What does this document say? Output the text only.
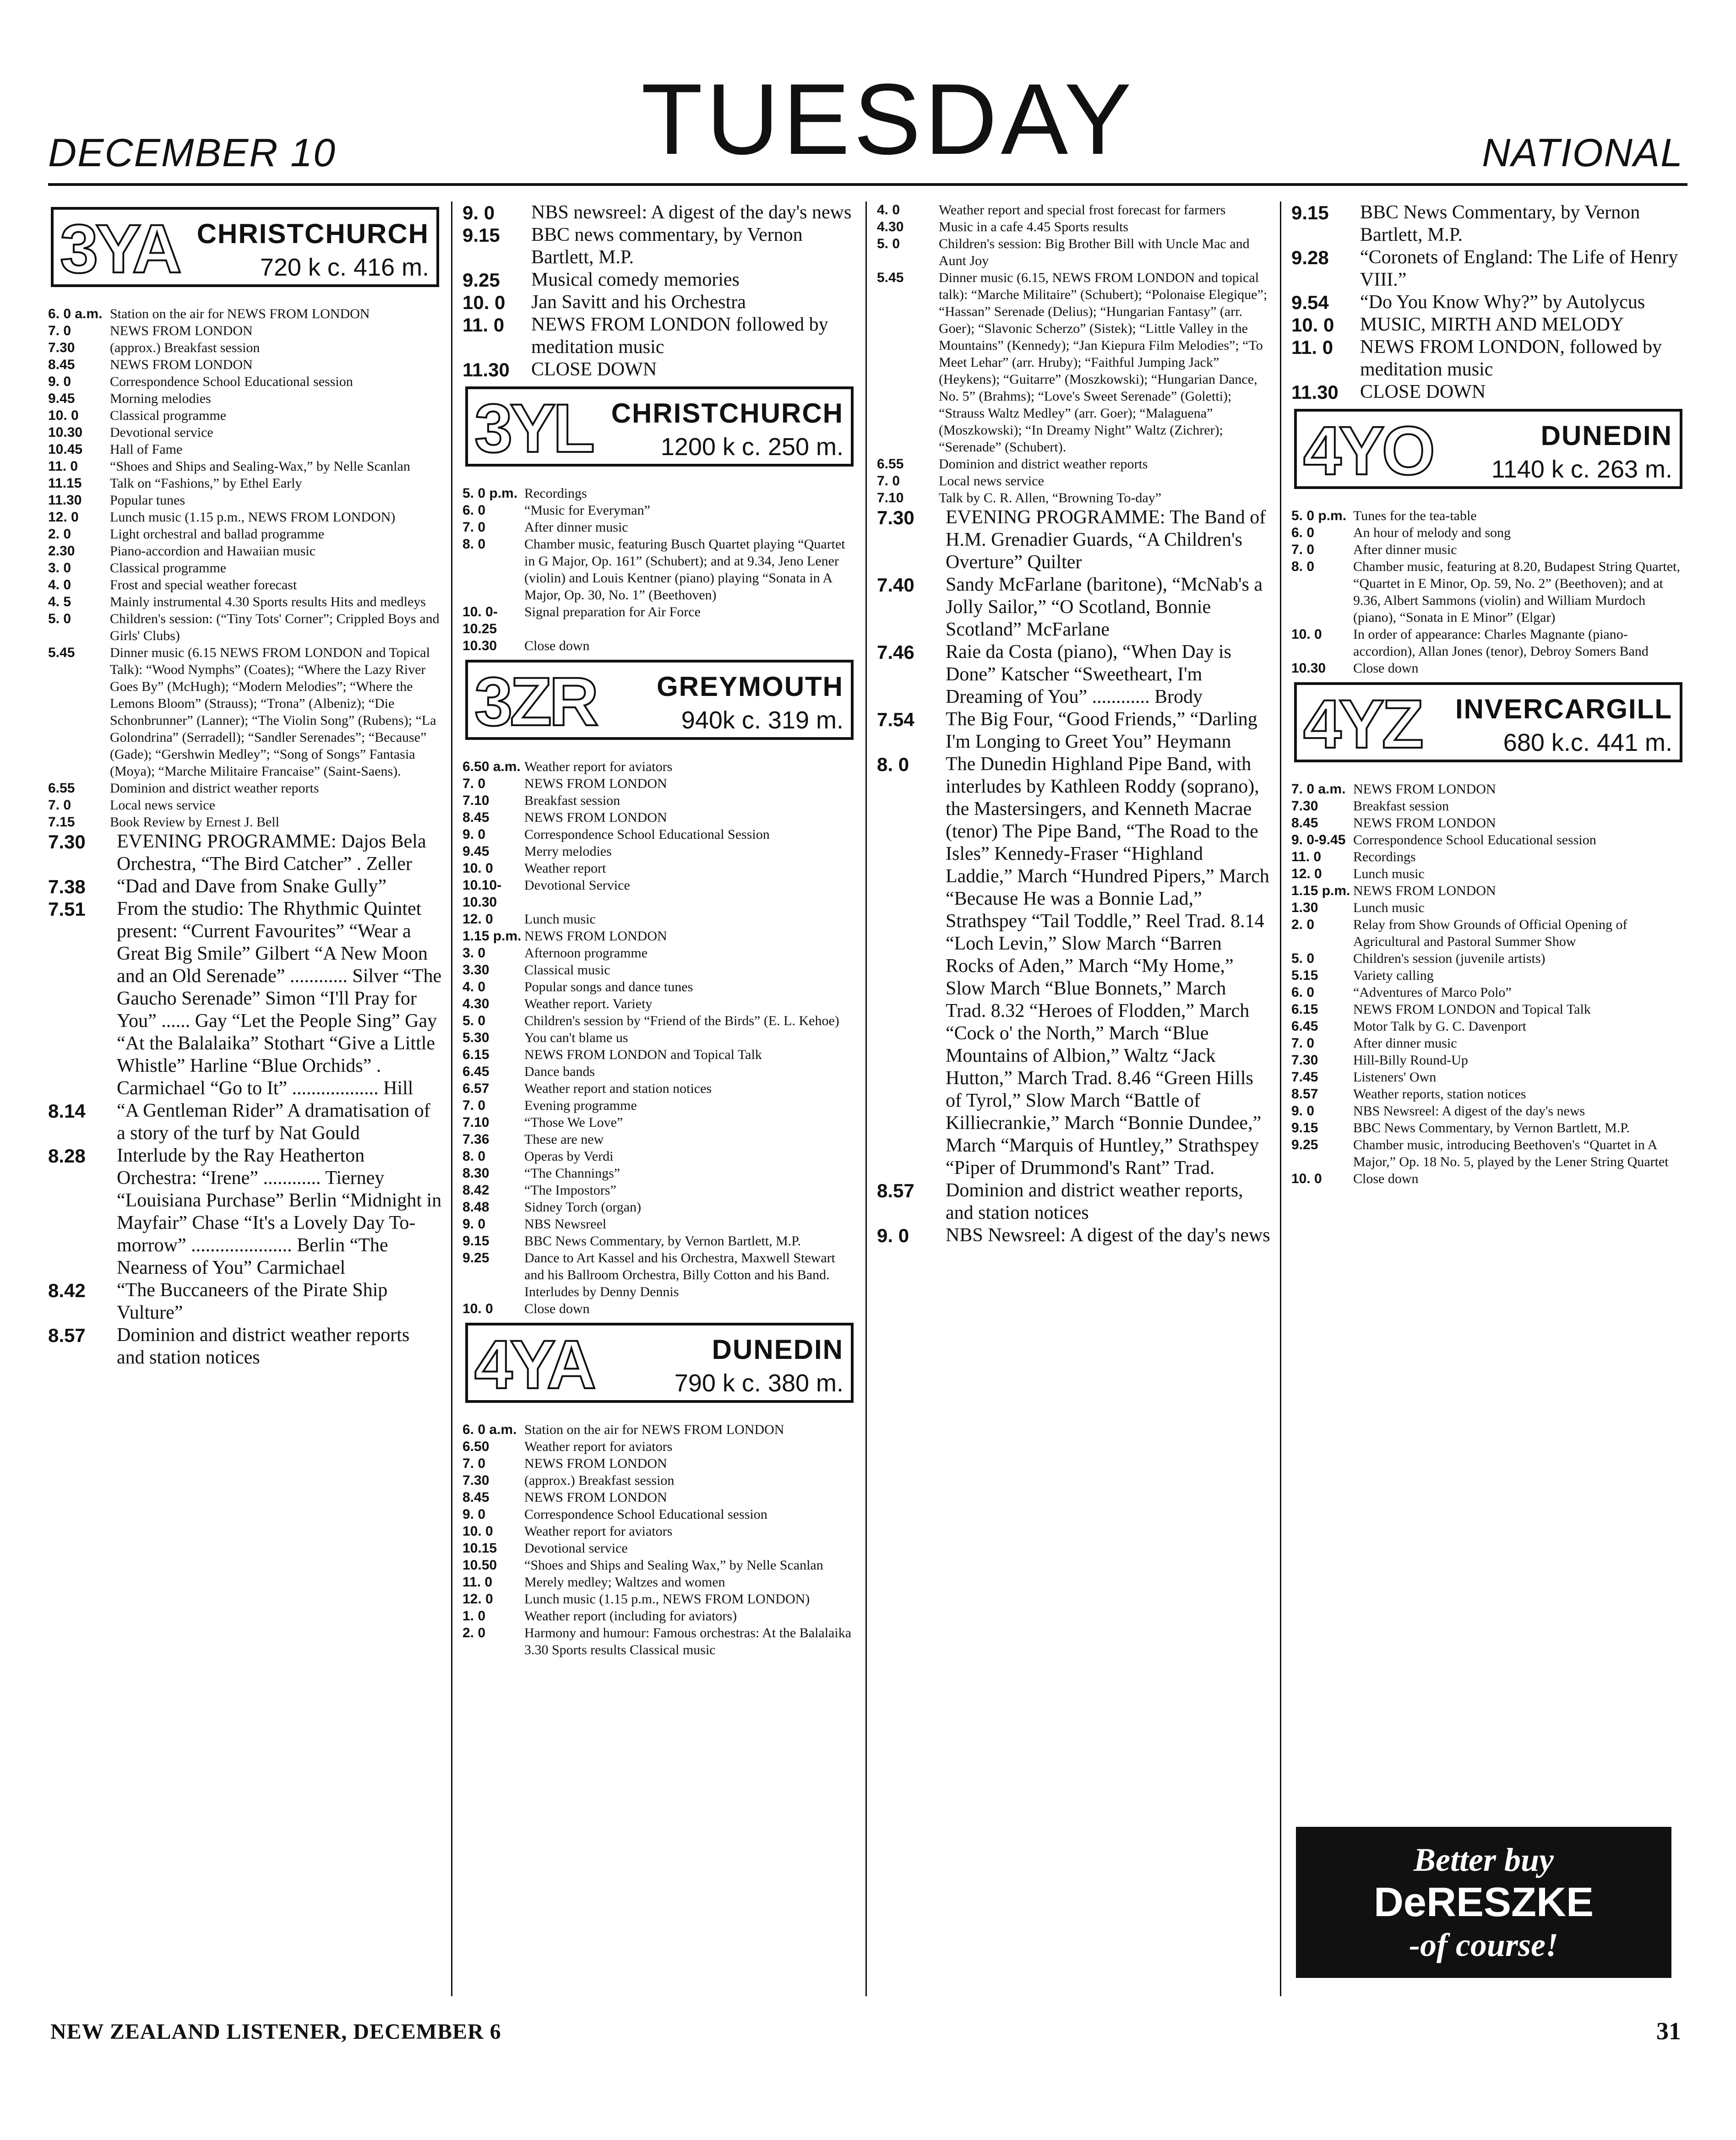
DECEMBER 10	TUESDAY	NATIONAL
3YA CHRISTCHURCH
720 k c. 416 m.
6. 0 a.m. Station on the air for NEWS FROM LONDON
7. 0	NEWS FROM LONDON
7.30	(approx.) Breakfast session
8.45	NEWS FROM LONDON
9. 0	Correspondence School Educational session
9.45	Morning melodies
10. 0	Classical programme
10.30	Devotional service
10.45	Hall of Fame
11. 0	“Shoes and Ships and Sealing-Wax,” by Nelle Scanlan
11.15	Talk on “Fashions,” by Ethel Early
11.30	Popular tunes
12. 0	Lunch music (1.15 p.m., NEWS FROM LONDON)
2. 0	Light orchestral and ballad programme
2.30	Piano-accordion and Hawaiian music
3. 0	Classical programme
4. 0	Frost and special weather forecast
4. 5	Mainly instrumental 4.30 Sports results Hits and medleys
5. 0	Children's session: (“Tiny Tots' Corner”; Crippled Boys and Girls' Clubs)
5.45	Dinner music (6.15 NEWS FROM LONDON and Topical Talk): “Wood Nymphs” (Coates); “Where the Lazy River Goes By” (McHugh); “Modern Melodies”; “Where the Lemons Bloom” (Strauss); “Trona” (Albeniz); “Die Schonbrunner” (Lanner); “The Violin Song” (Rubens); “La Golondrina” (Serradell); “Sandler Serenades”; “Because” (Gade); “Gershwin Medley”; “Song of Songs” Fantasia (Moya); “Marche Militaire Francaise” (Saint-Saens).
6.55	Dominion and district weather reports
7. 0	Local news service
7.15	Book Review by Ernest J. Bell
7.30	EVENING PROGRAMME: Dajos Bela Orchestra, “The Bird Catcher” . Zeller
7.38	“Dad and Dave from Snake Gully”
7.51	From the studio: The Rhythmic Quintet present: “Current Favourites” “Wear a Great Big Smile” Gilbert “A New Moon and an Old Serenade” ............ Silver “The Gaucho Serenade” Simon “I'll Pray for You” ...... Gay “Let the People Sing” Gay “At the Balalaika” Stothart “Give a Little Whistle” Harline “Blue Orchids” . Carmichael “Go to It” .................. Hill
8.14	“A Gentleman Rider” A dramatisation of a story of the turf by Nat Gould
8.28	Interlude by the Ray Heatherton Orchestra: “Irene” ............ Tierney “Louisiana Purchase” Berlin “Midnight in Mayfair” Chase “It's a Lovely Day To-morrow” ..................... Berlin “The Nearness of You” Carmichael
8.42	“The Buccaneers of the Pirate Ship Vulture”
8.57	Dominion and district weather reports and station notices
9. 0	NBS newsreel: A digest of the day's news
9.15	BBC news commentary, by Vernon Bartlett, M.P.
9.25	Musical comedy memories
10. 0	Jan Savitt and his Orchestra
11. 0	NEWS FROM LONDON followed by meditation music
11.30	CLOSE DOWN
3YL CHRISTCHURCH
1200 k c. 250 m.
5. 0 p.m. Recordings
6. 0	“Music for Everyman”
7. 0	After dinner music
8. 0	Chamber music, featuring Busch Quartet playing “Quartet in G Major, Op. 161” (Schubert); and at 9.34, Jeno Lener (violin) and Louis Kentner (piano) playing “Sonata in A Major, Op. 30, No. 1” (Beethoven)
10. 0-10.25
Signal preparation for Air Force
10.30	Close down
3ZR GREYMOUTH
940k c. 319 m.
6.50 a.m. Weather report for aviators
7. 0	NEWS FROM LONDON
7.10	Breakfast session
8.45	NEWS FROM LONDON
9. 0	Correspondence School Educational Session
9.45	Merry melodies
10. 0	Weather report
10.10-10.30
Devotional Service
12. 0	Lunch music
1.15 p.m. NEWS FROM LONDON
3. 0	Afternoon programme
3.30	Classical music
4. 0	Popular songs and dance tunes
4.30	Weather report. Variety
5. 0	Children's session by “Friend of the Birds” (E. L. Kehoe)
5.30	You can't blame us
6.15	NEWS FROM LONDON and Topical Talk
6.45	Dance bands
6.57	Weather report and station notices
7. 0	Evening programme
7.10	“Those We Love”
7.36	These are new
8. 0	Operas by Verdi
8.30	“The Channings”
8.42	“The Impostors”
8.48	Sidney Torch (organ)
9. 0	NBS Newsreel
9.15	BBC News Commentary, by Vernon Bartlett, M.P.
9.25	Dance to Art Kassel and his Orchestra, Maxwell Stewart and his Ballroom Orchestra, Billy Cotton and his Band. Interludes by Denny Dennis
10. 0	Close down
4YA	DUNEDIN
790 k c. 380 m.
6. 0 a.m. Station on the air for NEWS FROM LONDON
6.50	Weather report for aviators
7. 0	NEWS FROM LONDON
7.30	(approx.) Breakfast session
8.45	NEWS FROM LONDON
9. 0	Correspondence School Educational session
10. 0	Weather report for aviators
10.15	Devotional service
10.50	“Shoes and Ships and Sealing Wax,” by Nelle Scanlan
11. 0	Merely medley; Waltzes and women
12. 0	Lunch music (1.15 p.m., NEWS FROM LONDON)
1. 0	Weather report (including for aviators)
2. 0	Harmony and humour: Famous orchestras: At the Balalaika 3.30 Sports results Classical music
4. 0	Weather report and special frost forecast for farmers
4.30	Music in a cafe 4.45 Sports results
5. 0	Children's session: Big Brother Bill with Uncle Mac and Aunt Joy
5.45	Dinner music (6.15, NEWS FROM LONDON and topical talk): “Marche Militaire” (Schubert); “Polonaise Elegique”; “Hassan” Serenade (Delius); “Hungarian Fantasy” (arr. Goer); “Slavonic Scherzo” (Sistek); “Little Valley in the Mountains” (Kennedy); “Jan Kiepura Film Melodies”; “To Meet Lehar” (arr. Hruby); “Faithful Jumping Jack” (Heykens); “Guitarre” (Moszkowski); “Hungarian Dance, No. 5” (Brahms); “Love's Sweet Serenade” (Goletti); “Strauss Waltz Medley” (arr. Goer); “Malaguena” (Moszkowski); “In Dreamy Night” Waltz (Zichrer); “Serenade” (Schubert).
6.55	Dominion and district weather reports
7. 0	Local news service
7.10	Talk by C. R. Allen, “Browning To-day”
7.30	EVENING PROGRAMME: The Band of H.M. Grenadier Guards, “A Children's Overture” Quilter
7.40	Sandy McFarlane (baritone), “McNab's a Jolly Sailor,” “O Scotland, Bonnie Scotland” McFarlane
7.46	Raie da Costa (piano), “When Day is Done” Katscher “Sweetheart, I'm Dreaming of You” ............ Brody
7.54	The Big Four, “Good Friends,” “Darling I'm Longing to Greet You” Heymann
8. 0	The Dunedin Highland Pipe Band, with interludes by Kathleen Roddy (soprano), the Mastersingers, and Kenneth Macrae (tenor) The Pipe Band, “The Road to the Isles” Kennedy-Fraser “Highland Laddie,” March “Hundred Pipers,” March “Because He was a Bonnie Lad,” Strathspey “Tail Toddle,” Reel Trad. 8.14 “Loch Levin,” Slow March “Barren Rocks of Aden,” March “My Home,” Slow March “Blue Bonnets,” March Trad. 8.32 “Heroes of Flodden,” March “Cock o' the North,” March “Blue Mountains of Albion,” Waltz “Jack Hutton,” March Trad. 8.46 “Green Hills of Tyrol,” Slow March “Battle of Killiecrankie,” March “Bonnie Dundee,” March “Marquis of Huntley,” Strathspey “Piper of Drummond's Rant” Trad.
8.57	Dominion and district weather reports, and station notices
9. 0	NBS Newsreel: A digest of the day's news
9.15	BBC News Commentary, by Vernon Bartlett, M.P.
9.28	“Coronets of England: The Life of Henry VIII.”
9.54	“Do You Know Why?” by Autolycus
10. 0	MUSIC, MIRTH AND MELODY
11. 0	NEWS FROM LONDON, followed by meditation music
11.30	CLOSE DOWN
4YO	DUNEDIN
1140 k c. 263 m.
5. 0 p.m. Tunes for the tea-table
6. 0	An hour of melody and song
7. 0	After dinner music
8. 0	Chamber music, featuring at 8.20, Budapest String Quartet, “Quartet in E Minor, Op. 59, No. 2” (Beethoven); and at 9.36, Albert Sammons (violin) and William Murdoch (piano), “Sonata in E Minor” (Elgar)
10. 0	In order of appearance: Charles Magnante (piano-accordion), Allan Jones (tenor), Debroy Somers Band
10.30	Close down
4YZ INVERCARGILL
680 k.c. 441 m.
7. 0 a.m. NEWS FROM LONDON
7.30	Breakfast session
8.45	NEWS FROM LONDON
9. 0-9.45 Correspondence School Educational session
11. 0	Recordings
12. 0	Lunch music
1.15 p.m. NEWS FROM LONDON
1.30	Lunch music
2. 0	Relay from Show Grounds of Official Opening of Agricultural and Pastoral Summer Show
5. 0	Children's session (juvenile artists)
5.15	Variety calling
6. 0	“Adventures of Marco Polo”
6.15	NEWS FROM LONDON and Topical Talk
6.45	Motor Talk by G. C. Davenport
7. 0	After dinner music
7.30	Hill-Billy Round-Up
7.45	Listeners' Own
8.57	Weather reports, station notices
9. 0	NBS Newsreel: A digest of the day's news
9.15	BBC News Commentary, by Vernon Bartlett, M.P.
9.25	Chamber music, introducing Beethoven's “Quartet in A Major,” Op. 18 No. 5, played by the Lener String Quartet
10. 0	Close down
Better buy
DeRESZKE
-of course!
NEW ZEALAND LISTENER, DECEMBER 6	31
